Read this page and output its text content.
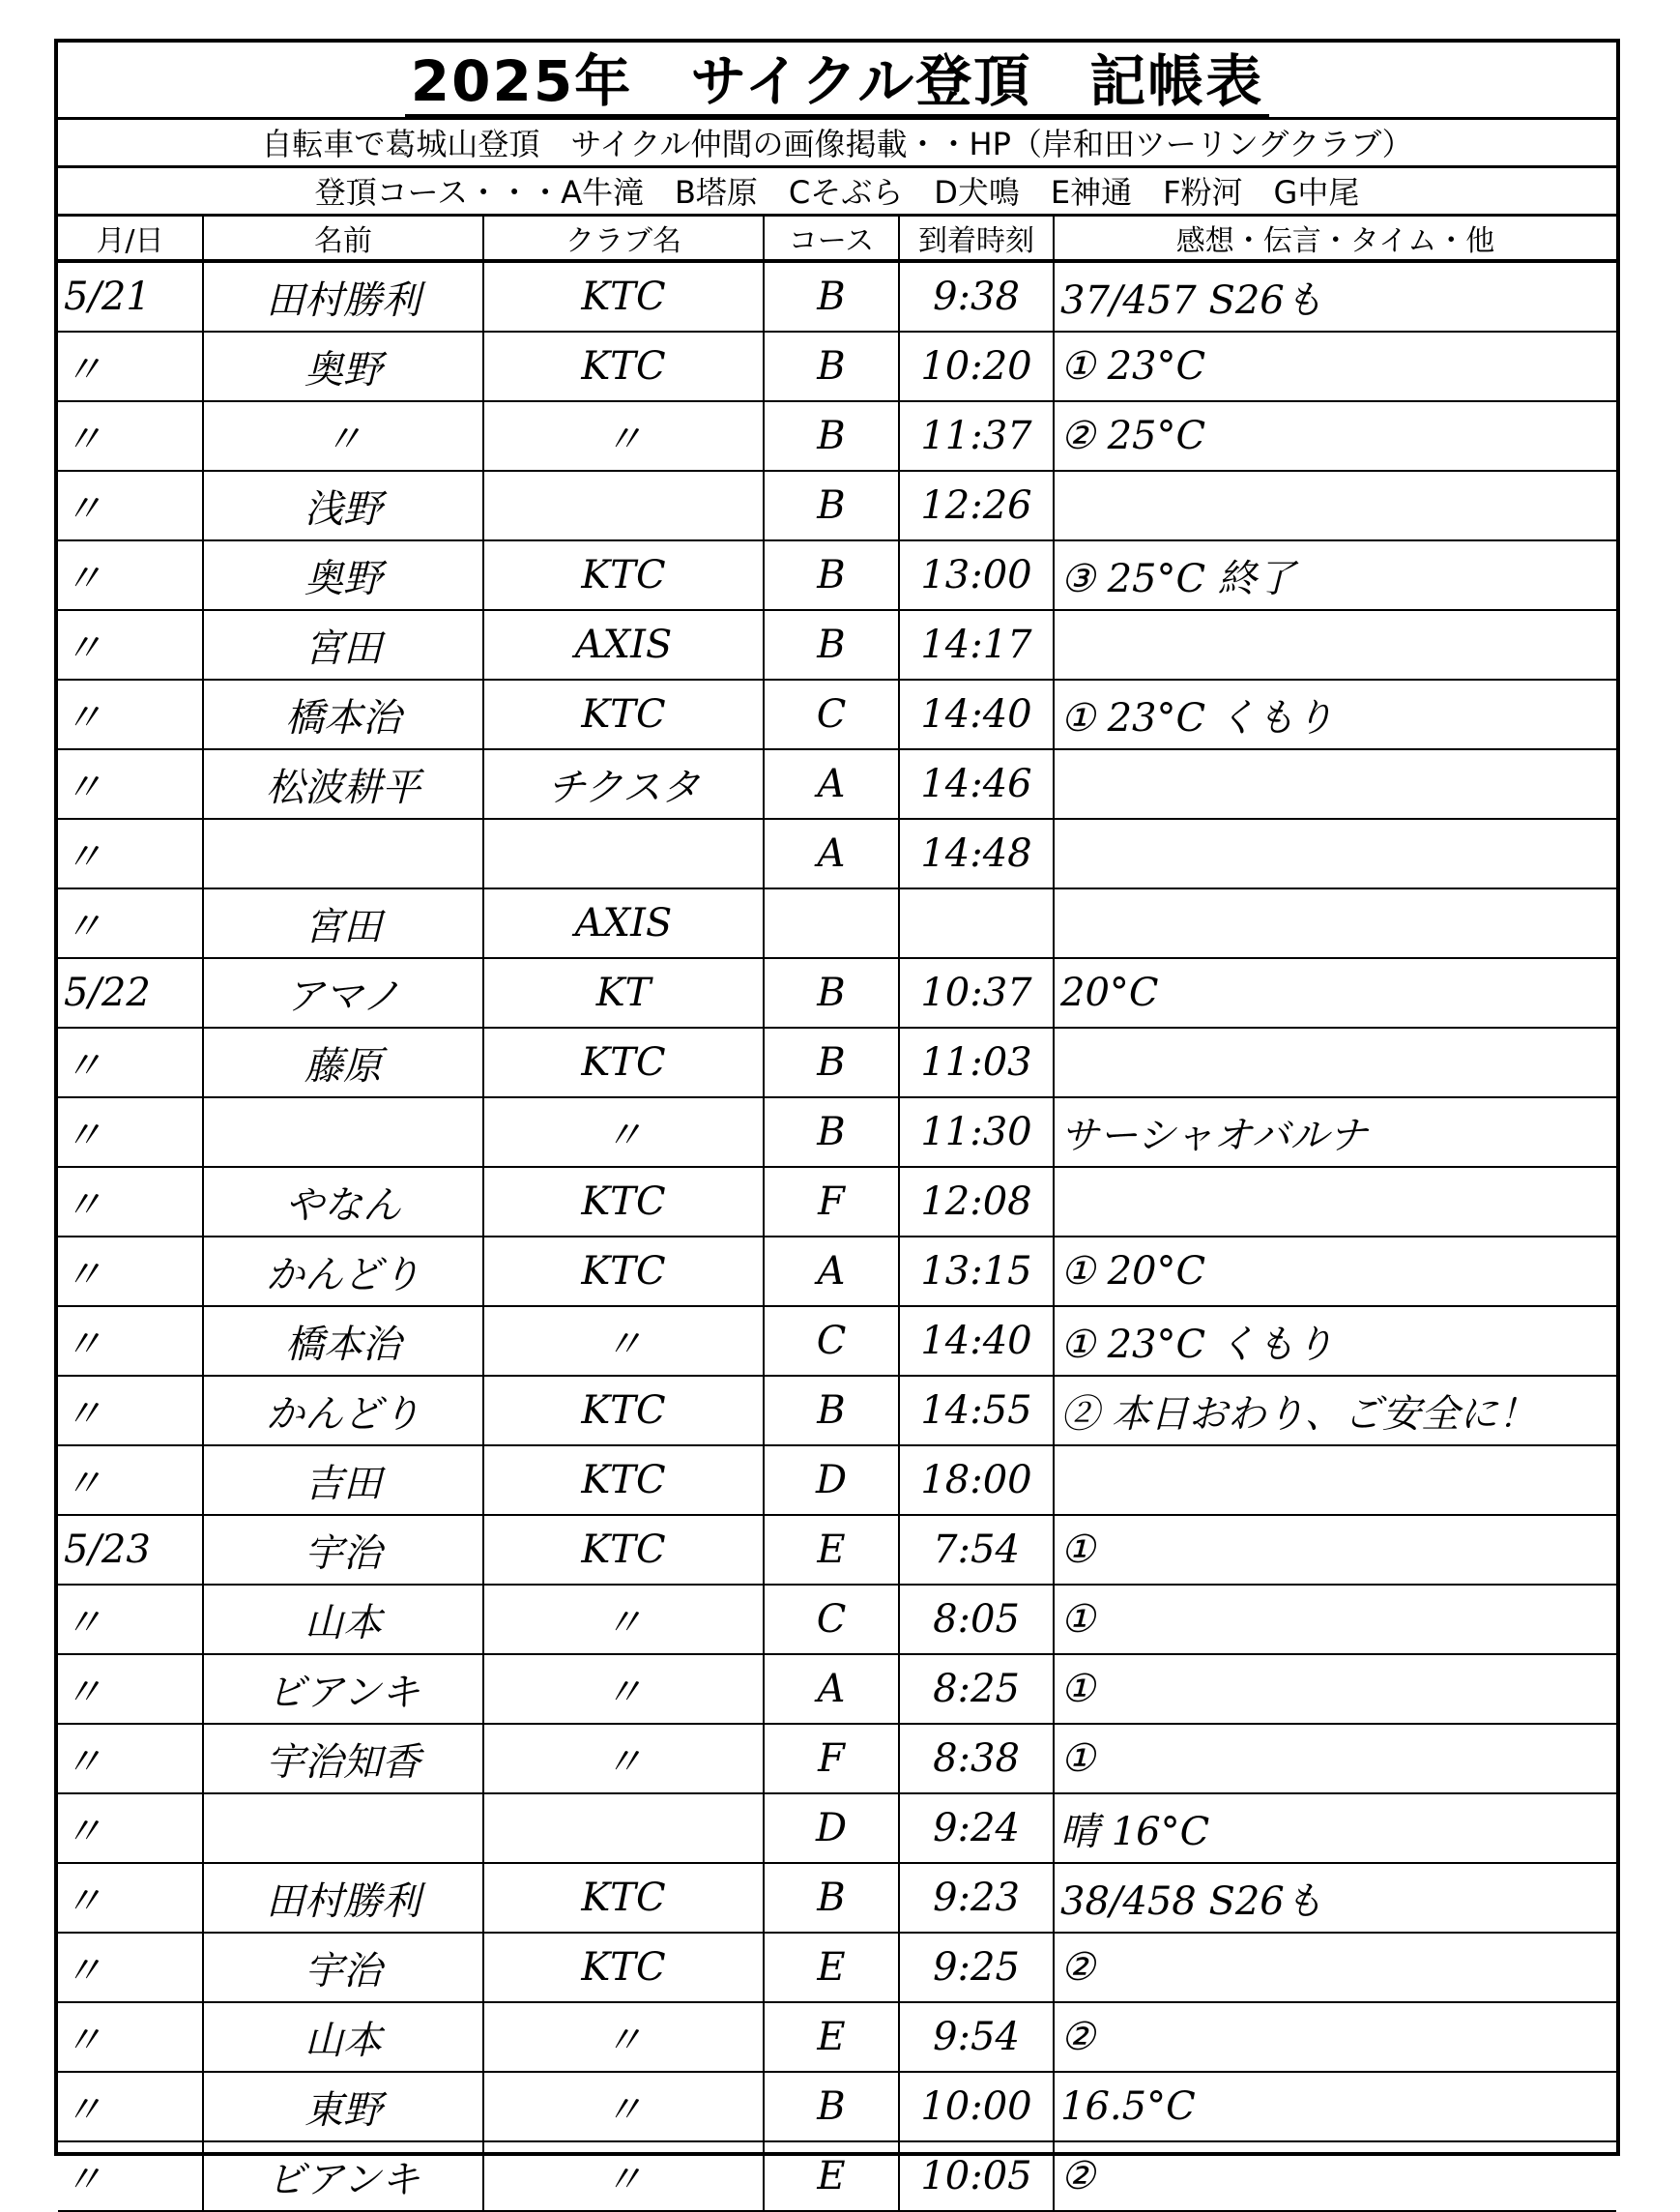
2025年　サイクル登頂　記帳表
自転車で葛城山登頂　サイクル仲間の画像掲載・・HP（岸和田ツーリングクラブ）
登頂コース・・・A牛滝　B塔原　Cそぶら　D犬鳴　E神通　F粉河　G中尾
月/日	名前	クラブ名	コース	到着時刻	感想・伝言・タイム・他
5/21	田村勝利	KTC	B	9:38	37/457 S26も
〃	奥野	KTC	B	10:20	① 23°C
〃	〃	〃	B	11:37	② 25°C
〃	浅野		B	12:26	
〃	奥野	KTC	B	13:00	③ 25°C 終了
〃	宮田	AXIS	B	14:17	
〃	橋本治	KTC	C	14:40	① 23°C くもり
〃	松波耕平	チクスタ	A	14:46	
〃			A	14:48	
〃	宮田	AXIS			
5/22	アマノ	KT	B	10:37	20°C
〃	藤原	KTC	B	11:03	
〃		〃	B	11:30	サーシャオバルナ
〃	やなん	KTC	F	12:08	
〃	かんどり	KTC	A	13:15	① 20°C
〃	橋本治	〃	C	14:40	① 23°C くもり
〃	かんどり	KTC	B	14:55	② 本日おわり、ご安全に！
〃	吉田	KTC	D	18:00	
5/23	宇治	KTC	E	7:54	①
〃	山本	〃	C	8:05	①
〃	ビアンキ	〃	A	8:25	①
〃	宇治知香	〃	F	8:38	①
〃			D	9:24	晴 16°C
〃	田村勝利	KTC	B	9:23	38/458 S26も
〃	宇治	KTC	E	9:25	②
〃	山本	〃	E	9:54	②
〃	東野	〃	B	10:00	16.5°C
〃	ビアンキ	〃	E	10:05	②
